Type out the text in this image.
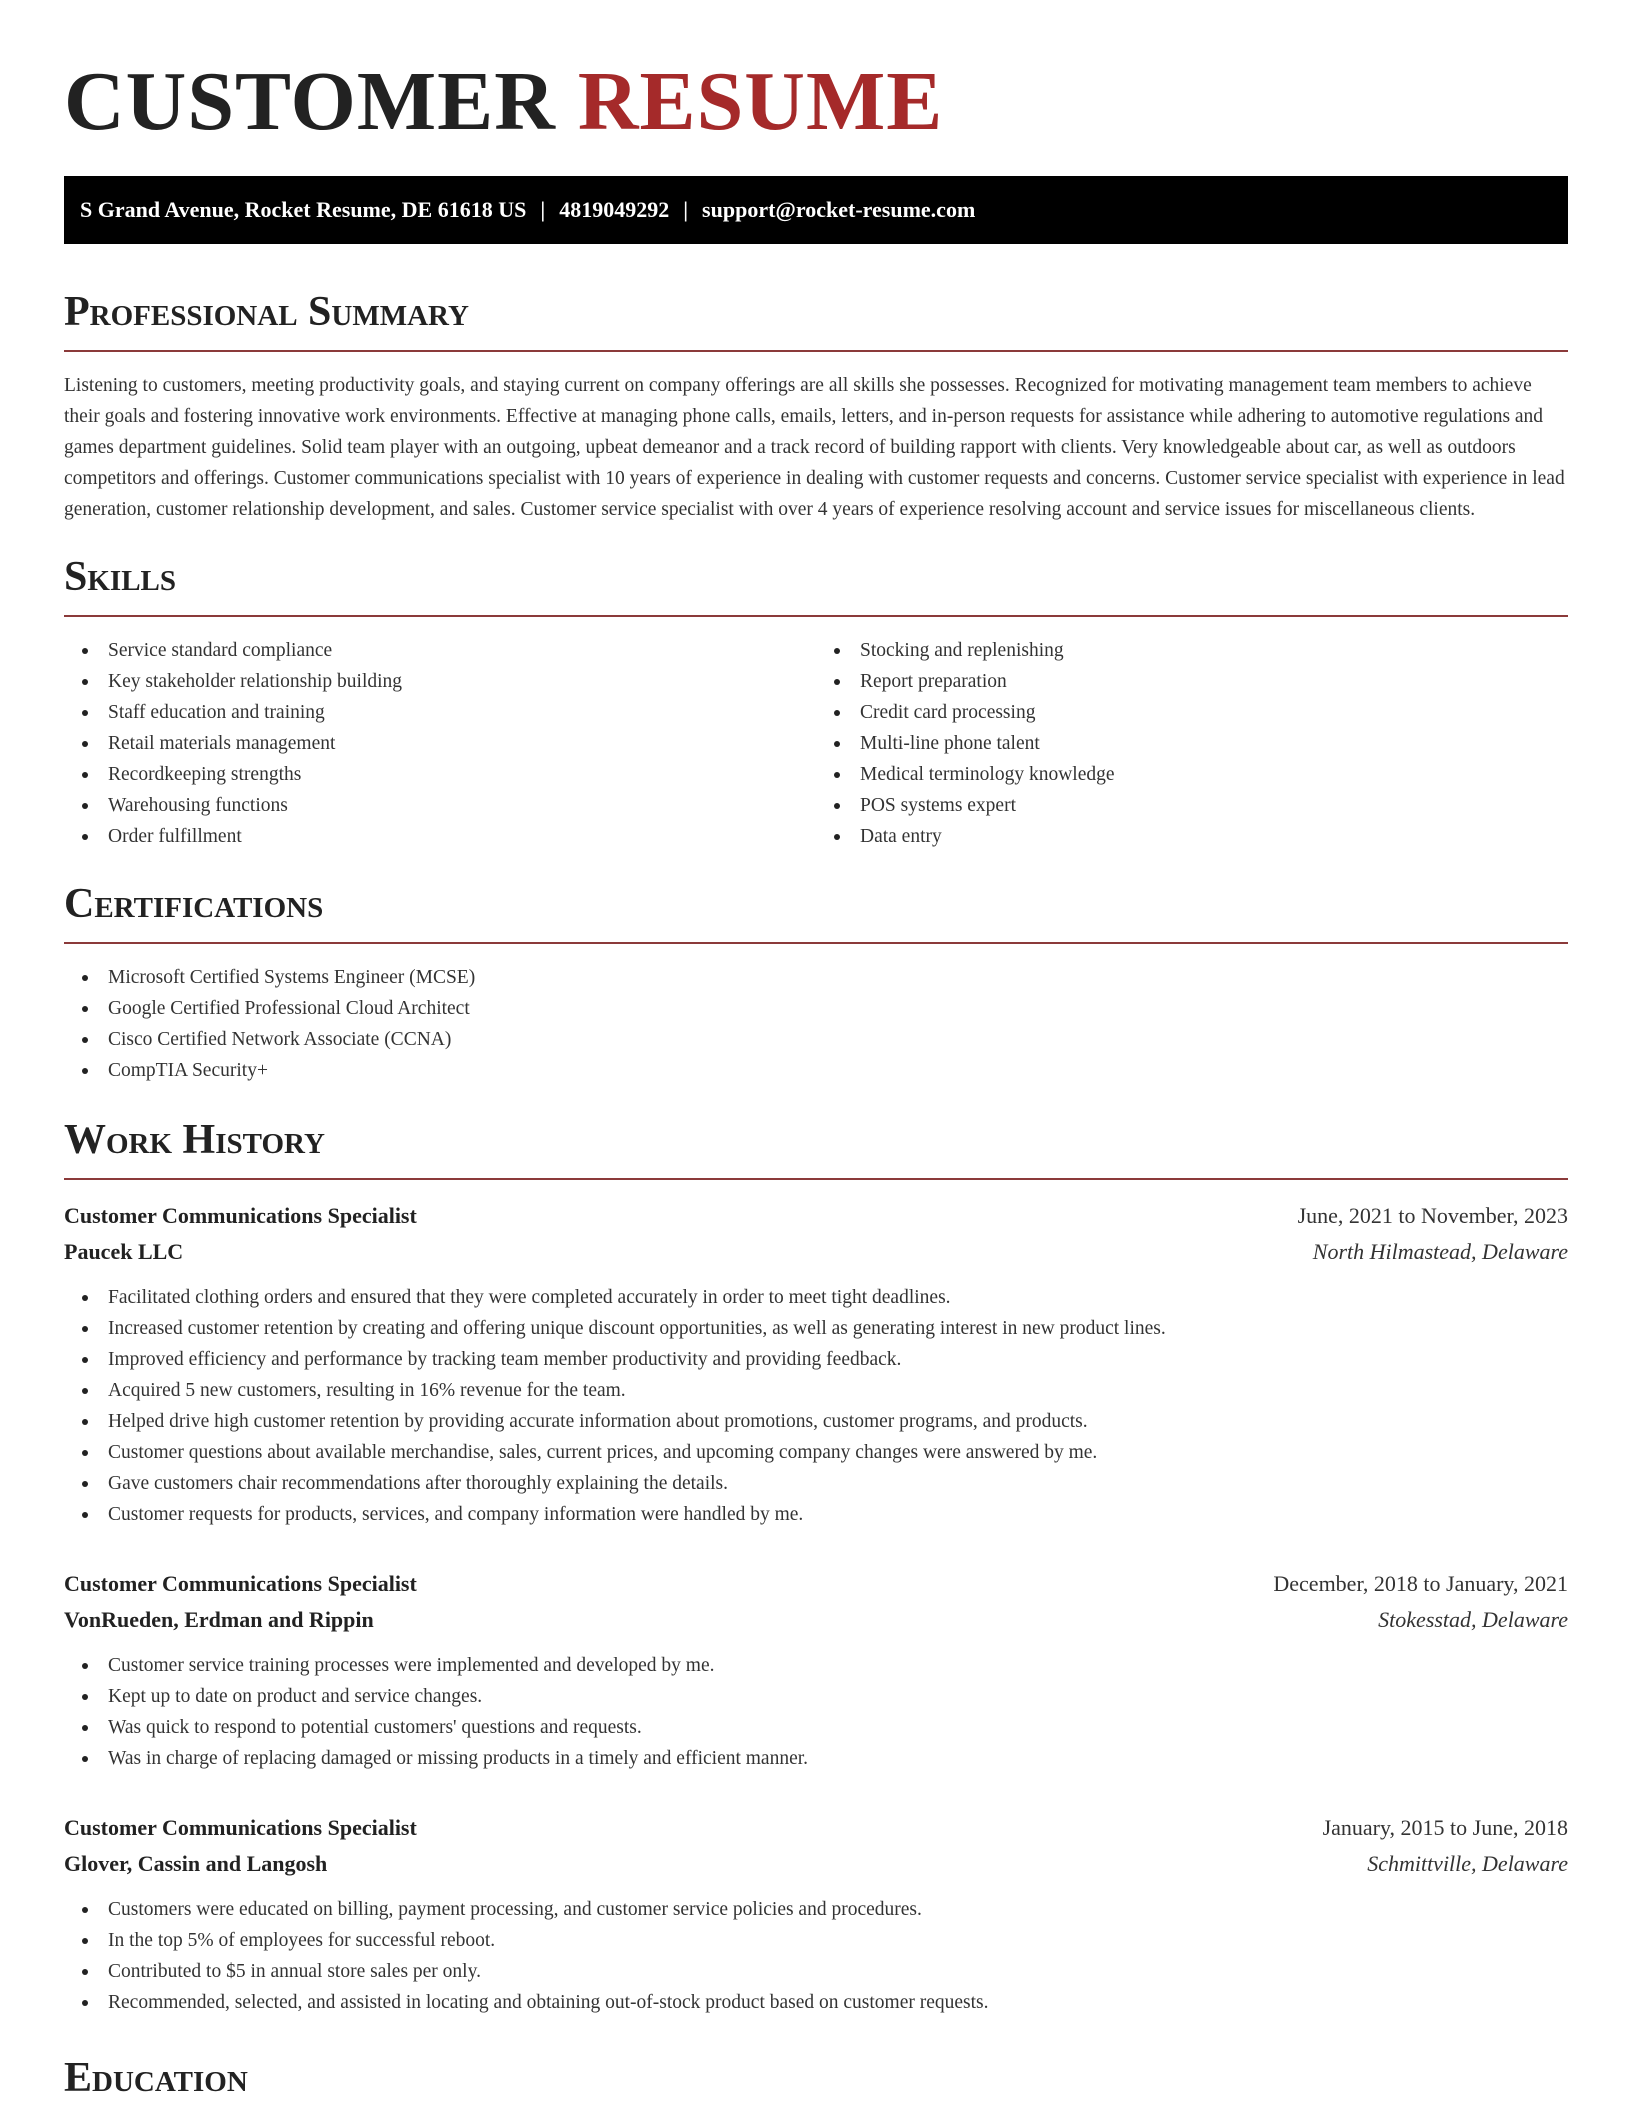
CUSTOMER RESUME
S Grand Avenue, Rocket Resume, DE 61618 US | 4819049292 | support@rocket-resume.com
Professional Summary

Listening to customers, meeting productivity goals, and staying current on company offerings are all skills she possesses. Recognized for motivating management team members to achieve their goals and fostering innovative work environments. Effective at managing phone calls, emails, letters, and in-person requests for assistance while adhering to automotive regulations and games department guidelines. Solid team player with an outgoing, upbeat demeanor and a track record of building rapport with clients. Very knowledgeable about car, as well as outdoors competitors and offerings. Customer communications specialist with 10 years of experience in dealing with customer requests and concerns. Customer service specialist with experience in lead generation, customer relationship development, and sales. Customer service specialist with over 4 years of experience resolving account and service issues for miscellaneous clients.

Skills
Service standard compliance
Key stakeholder relationship building
Staff education and training
Retail materials management
Recordkeeping strengths
Warehousing functions
Order fulfillment
Stocking and replenishing
Report preparation
Credit card processing
Multi-line phone talent
Medical terminology knowledge
POS systems expert
Data entry
Certifications
Microsoft Certified Systems Engineer (MCSE)
Google Certified Professional Cloud Architect
Cisco Certified Network Associate (CCNA)
CompTIA Security+
Work History
Customer Communications Specialist	June, 2021 to November, 2023
Paucek LLC	North Hilmastead, Delaware
Facilitated clothing orders and ensured that they were completed accurately in order to meet tight deadlines.
Increased customer retention by creating and offering unique discount opportunities, as well as generating interest in new product lines.
Improved efficiency and performance by tracking team member productivity and providing feedback.
Acquired 5 new customers, resulting in 16% revenue for the team.
Helped drive high customer retention by providing accurate information about promotions, customer programs, and products.
Customer questions about available merchandise, sales, current prices, and upcoming company changes were answered by me.
Gave customers chair recommendations after thoroughly explaining the details.
Customer requests for products, services, and company information were handled by me.
Customer Communications Specialist	December, 2018 to January, 2021
VonRueden, Erdman and Rippin	Stokesstad, Delaware
Customer service training processes were implemented and developed by me.
Kept up to date on product and service changes.
Was quick to respond to potential customers' questions and requests.
Was in charge of replacing damaged or missing products in a timely and efficient manner.
Customer Communications Specialist	January, 2015 to June, 2018
Glover, Cassin and Langosh	Schmittville, Delaware
Customers were educated on billing, payment processing, and customer service policies and procedures.
In the top 5% of employees for successful reboot.
Contributed to $5 in annual store sales per only.
Recommended, selected, and assisted in locating and obtaining out-of-stock product based on customer requests.
Education
